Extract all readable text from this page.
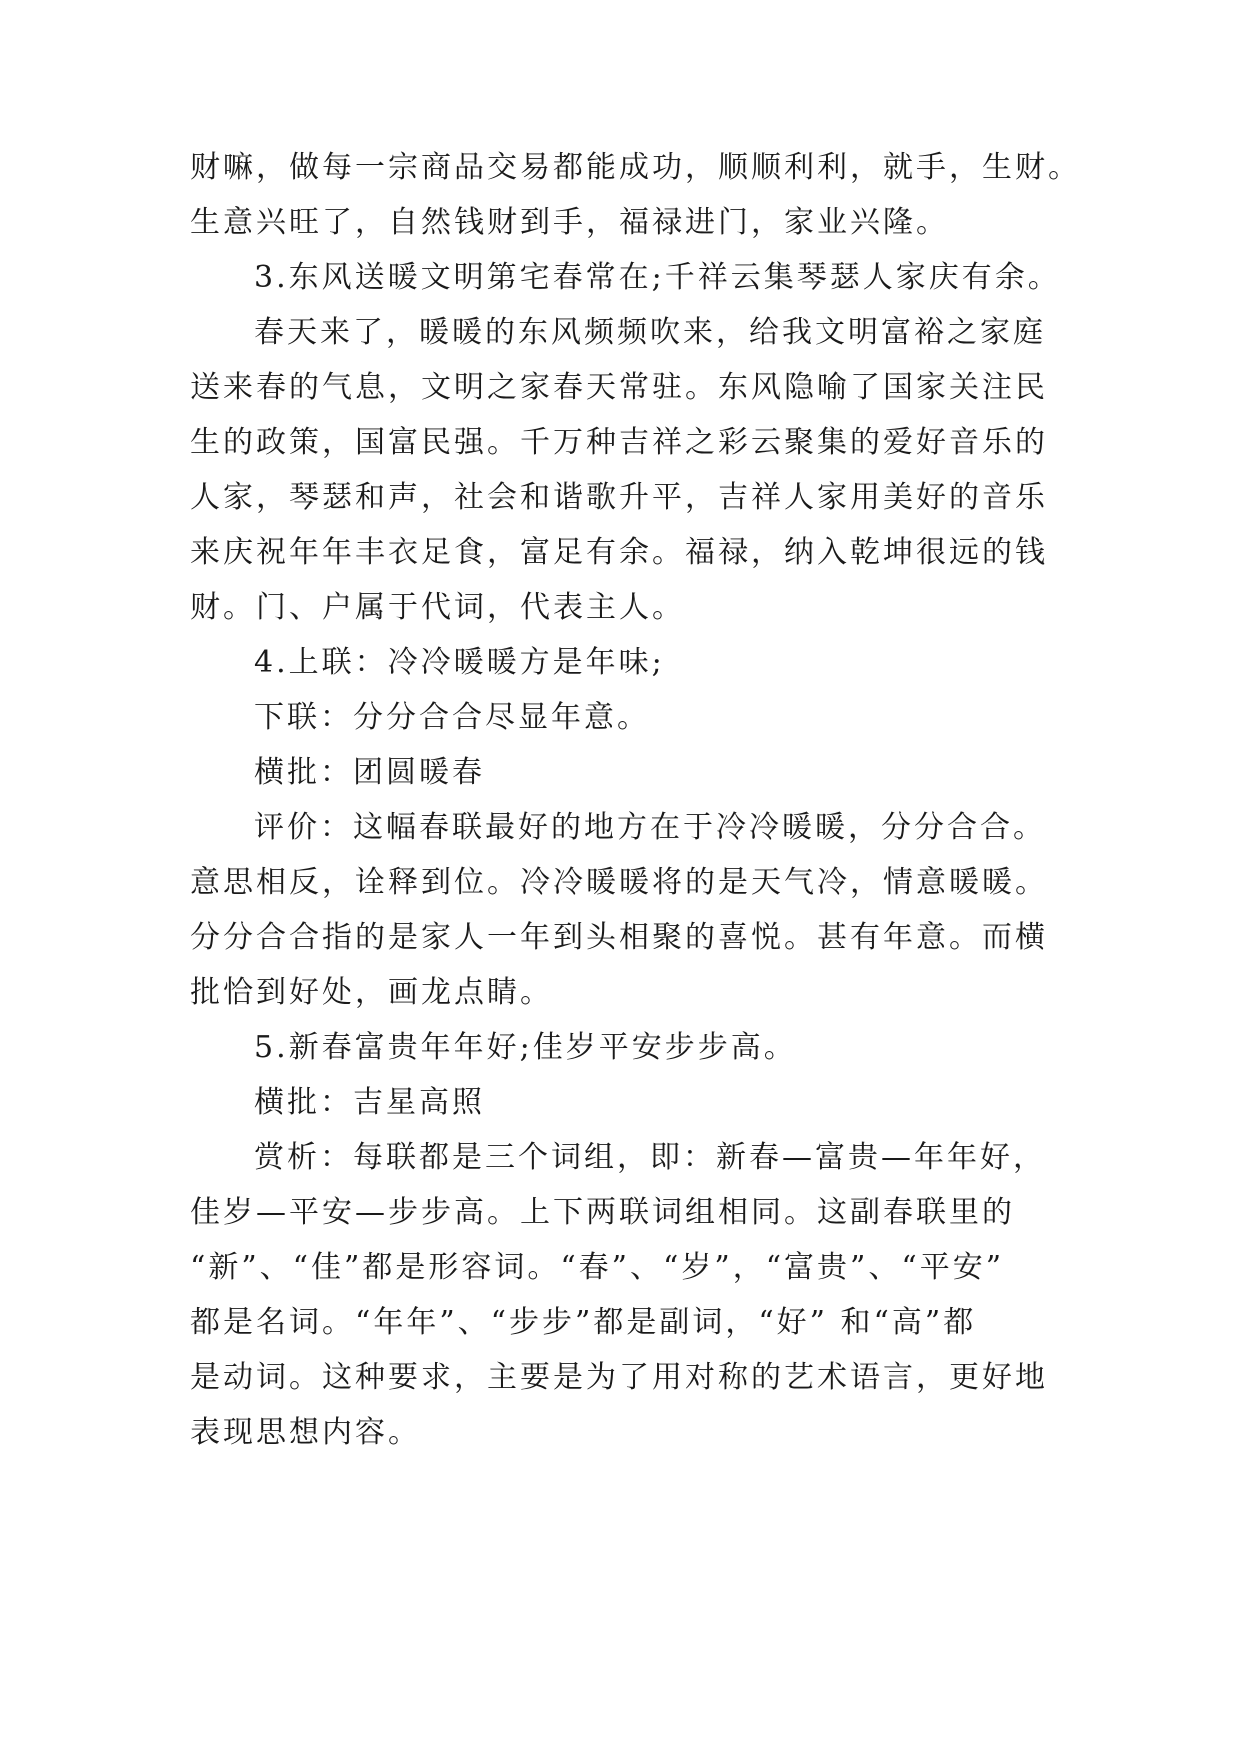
财嘛，做每一宗商品交易都能成功，顺顺利利，就手，生财。

生意兴旺了，自然钱财到手，福禄进门，家业兴隆。

3.东风送暖文明第宅春常在;千祥云集琴瑟人家庆有余。

春天来了，暖暖的东风频频吹来，给我文明富裕之家庭

送来春的气息，文明之家春天常驻。东风隐喻了国家关注民

生的政策，国富民强。千万种吉祥之彩云聚集的爱好音乐的

人家，琴瑟和声，社会和谐歌升平，吉祥人家用美好的音乐

来庆祝年年丰衣足食，富足有余。福禄，纳入乾坤很远的钱

财。门、户属于代词，代表主人。

4.上联：冷冷暖暖方是年味;

下联：分分合合尽显年意。

横批：团圆暖春

评价：这幅春联最好的地方在于冷冷暖暖，分分合合。

意思相反，诠释到位。冷冷暖暖将的是天气冷，情意暖暖。

分分合合指的是家人一年到头相聚的喜悦。甚有年意。而横

批恰到好处，画龙点睛。

5.新春富贵年年好;佳岁平安步步高。

横批：吉星高照

赏析：每联都是三个词组，即：新春—富贵—年年好，

佳岁—平安—步步高。上下两联词组相同。这副春联里的

“新”、“佳”都是形容词。“春”、“岁”，“富贵”、“平安”

都是名词。“年年”、“步步”都是副词，“好” 和“高”都

是动词。这种要求，主要是为了用对称的艺术语言，更好地

表现思想内容。
